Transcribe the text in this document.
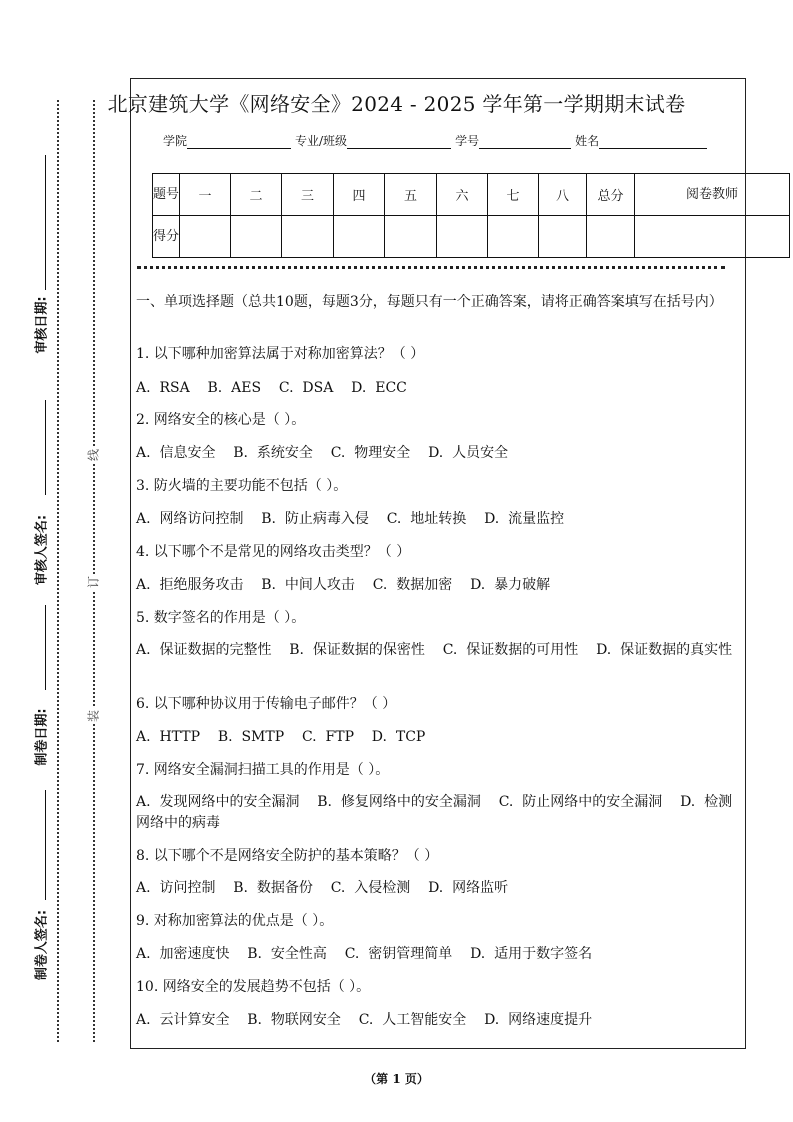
审核日期:
审核人签名:
制卷日期:
制卷人签名:
线
订
装
北京建筑大学《网络安全》2024 - 2025 学年第一学期期末试卷
学院	专业/班级	学号	姓名
题号	一	二	三	四	五	六	七	八	总分	阅卷教师
得分										
一、单项选择题（总共10题，每题3分，每题只有一个正确答案，请将正确答案填写在括号内）
1. 以下哪种加密算法属于对称加密算法？（ ）
A.  RSA    B.  AES    C.  DSA    D.  ECC
2. 网络安全的核心是（ ）。
A.  信息安全    B.  系统安全    C.  物理安全    D.  人员安全
3. 防火墙的主要功能不包括（ ）。
A.  网络访问控制    B.  防止病毒入侵    C.  地址转换    D.  流量监控
4. 以下哪个不是常见的网络攻击类型？（ ）
A.  拒绝服务攻击    B.  中间人攻击    C.  数据加密    D.  暴力破解
5. 数字签名的作用是（ ）。
A.  保证数据的完整性    B.  保证数据的保密性    C.  保证数据的可用性    D.  保证数据的真实性
6. 以下哪种协议用于传输电子邮件？（ ）
A.  HTTP    B.  SMTP    C.  FTP    D.  TCP
7. 网络安全漏洞扫描工具的作用是（ ）。
A.  发现网络中的安全漏洞    B.  修复网络中的安全漏洞    C.  防止网络中的安全漏洞    D.  检测网络中的病毒
8. 以下哪个不是网络安全防护的基本策略？（ ）
A.  访问控制    B.  数据备份    C.  入侵检测    D.  网络监听
9. 对称加密算法的优点是（ ）。
A.  加密速度快    B.  安全性高    C.  密钥管理简单    D.  适用于数字签名
10. 网络安全的发展趋势不包括（ ）。
A.  云计算安全    B.  物联网安全    C.  人工智能安全    D.  网络速度提升
（第 1 页）
